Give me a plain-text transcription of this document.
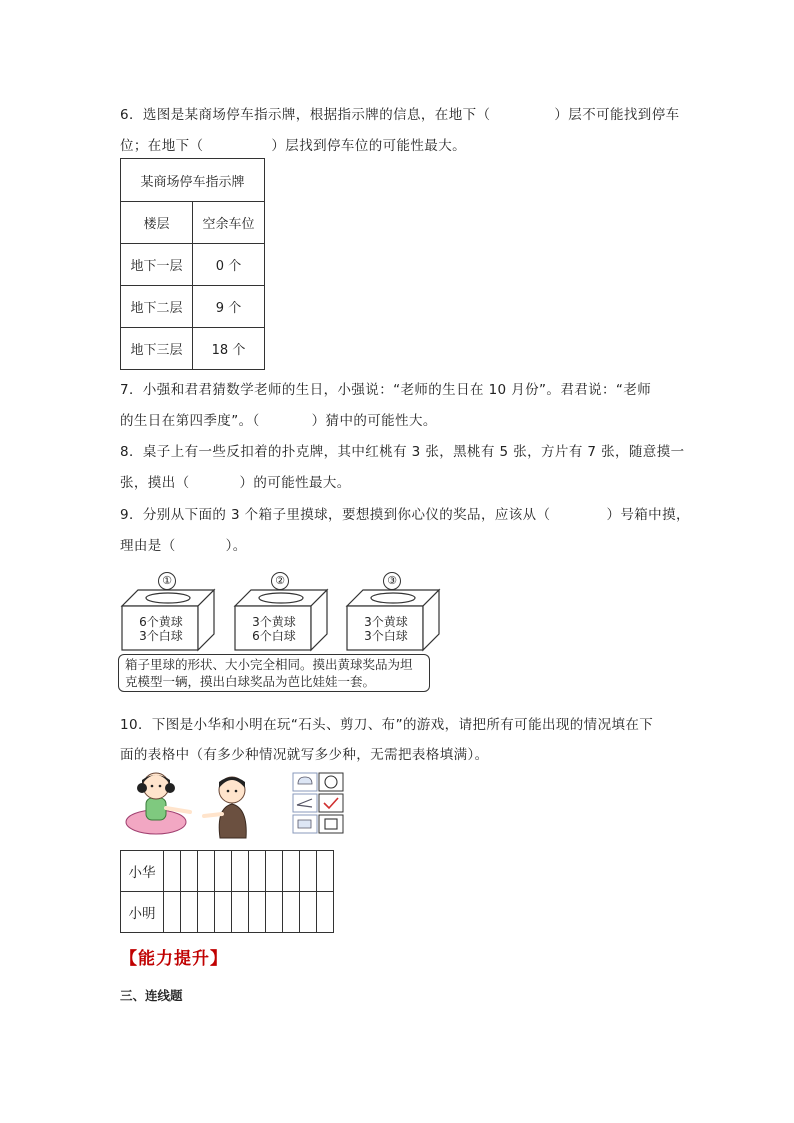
6．选图是某商场停车指示牌，根据指示牌的信息，在地下（	）层不可能找到停车
位；在地下（	）层找到停车位的可能性最大。
某商场停车指示牌	
楼层	空余车位
地下一层	0 个
地下二层	9 个
地下三层	18 个
7．小强和君君猜数学老师的生日，小强说：“老师的生日在 10 月份”。君君说：“老师
的生日在第四季度”。（	）猜中的可能性大。
8．桌子上有一些反扣着的扑克牌，其中红桃有 3 张，黑桃有 5 张，方片有 7 张，随意摸一
张，摸出（	）的可能性最大。
9．分别从下面的 3 个箱子里摸球，要想摸到你心仪的奖品，应该从（	）号箱中摸，
理由是（	）。
①
6个黄球
3个白球
②
3个黄球
6个白球
③
3个黄球
3个白球
箱子里球的形状、大小完全相同。摸出黄球奖品为坦
克模型一辆，摸出白球奖品为芭比娃娃一套。
10．下图是小华和小明在玩“石头、剪刀、布”的游戏，请把所有可能出现的情况填在下
面的表格中（有多少种情况就写多少种，无需把表格填满）。
小华										
小明										
【能力提升】
三、连线题
